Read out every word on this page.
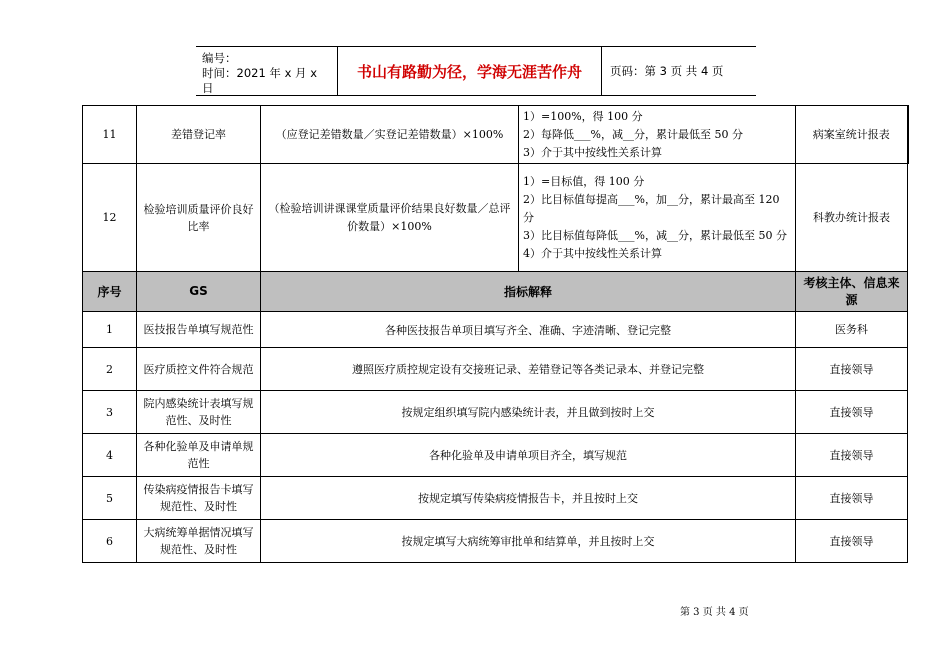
编号：
时间：2021 年 x 月 x 日
书山有路勤为径，学海无涯苦作舟	页码：第 3 页 共 4 页
11	差错登记率	（应登记差错数量／实登记差错数量）×100%	1）=100%，得 100 分
2）每降低___%，减__分，累计最低至 50 分
3）介于其中按线性关系计算	病案室统计报表
12	检验培训质量评价良好比率	（检验培训讲课课堂质量评价结果良好数量／总评价数量）×100%	1）=目标值，得 100 分
2）比目标值每提高___%，加__分，累计最高至 120 分
3）比目标值每降低___%，减__分，累计最低至 50 分
4）介于其中按线性关系计算	科教办统计报表
序号	GS	指标解释		考核主体、信息来源
1	医技报告单填写规范性	各种医技报告单项目填写齐全、准确、字迹清晰、登记完整		医务科
2	医疗质控文件符合规范	遵照医疗质控规定设有交接班记录、差错登记等各类记录本、并登记完整		直接领导
3	院内感染统计表填写规范性、及时性	按规定组织填写院内感染统计表，并且做到按时上交		直接领导
4	各种化验单及申请单规范性	各种化验单及申请单项目齐全，填写规范		直接领导
5	传染病疫情报告卡填写规范性、及时性	按规定填写传染病疫情报告卡，并且按时上交		直接领导
6	大病统筹单据情况填写规范性、及时性	按规定填写大病统筹审批单和结算单，并且按时上交		直接领导
第 3 页 共 4 页
